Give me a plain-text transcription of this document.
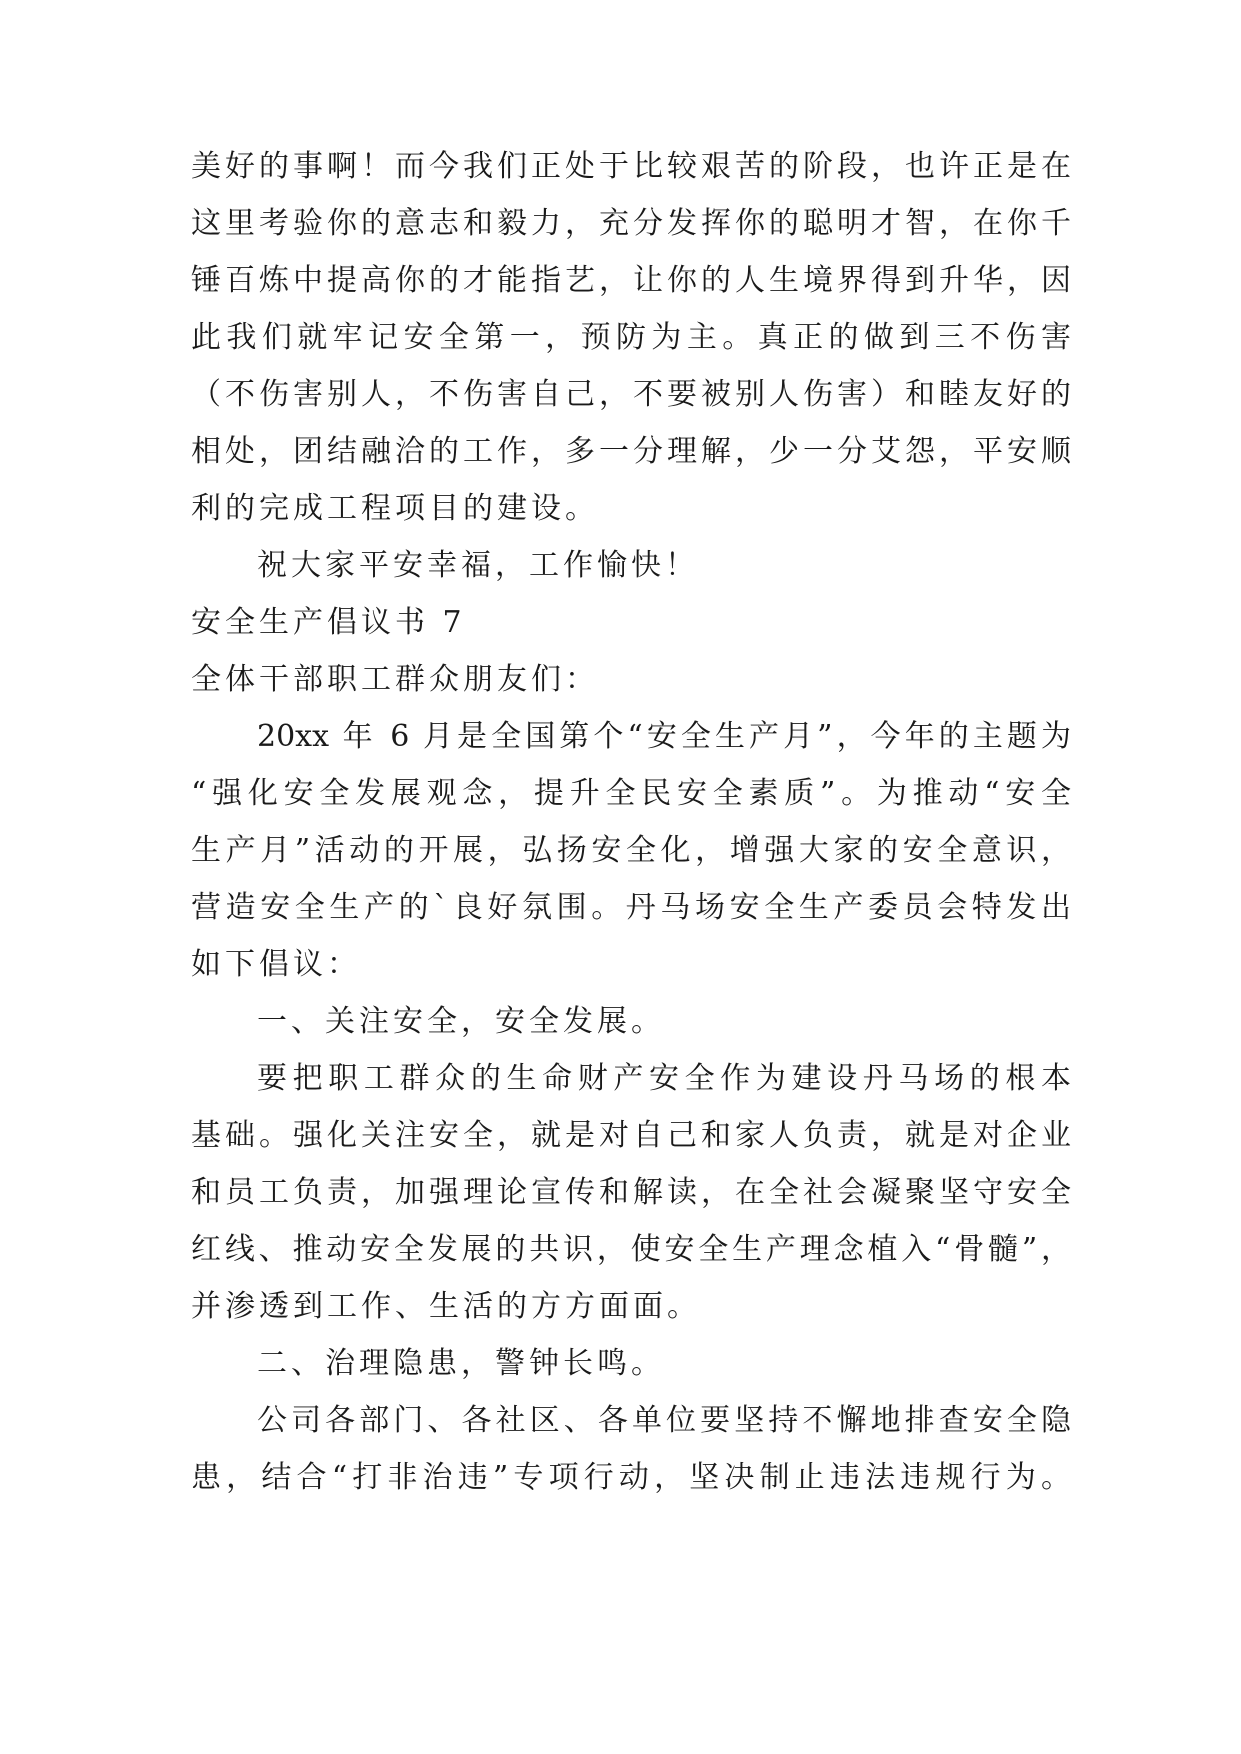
美好的事啊！而今我们正处于比较艰苦的阶段，也许正是在
这里考验你的意志和毅力，充分发挥你的聪明才智，在你千
锤百炼中提高你的才能指艺，让你的人生境界得到升华，因
此我们就牢记安全第一，预防为主。真正的做到三不伤害
（不伤害别人，不伤害自己，不要被别人伤害）和睦友好的
相处，团结融洽的工作，多一分理解，少一分艾怨，平安顺
利的完成工程项目的建设。
祝大家平安幸福，工作愉快！
安全生产倡议书 7
全体干部职工群众朋友们：
20xx 年 6 月是全国第个“安全生产月”，今年的主题为
“强化安全发展观念，提升全民安全素质”。为推动“安全
生产月”活动的开展，弘扬安全化，增强大家的安全意识，
营造安全生产的`良好氛围。丹马场安全生产委员会特发出
如下倡议：
一、关注安全，安全发展。
要把职工群众的生命财产安全作为建设丹马场的根本
基础。强化关注安全，就是对自己和家人负责，就是对企业
和员工负责，加强理论宣传和解读，在全社会凝聚坚守安全
红线、推动安全发展的共识，使安全生产理念植入“骨髓”，
并渗透到工作、生活的方方面面。
二、治理隐患，警钟长鸣。
公司各部门、各社区、各单位要坚持不懈地排查安全隐
患，结合“打非治违”专项行动，坚决制止违法违规行为。
